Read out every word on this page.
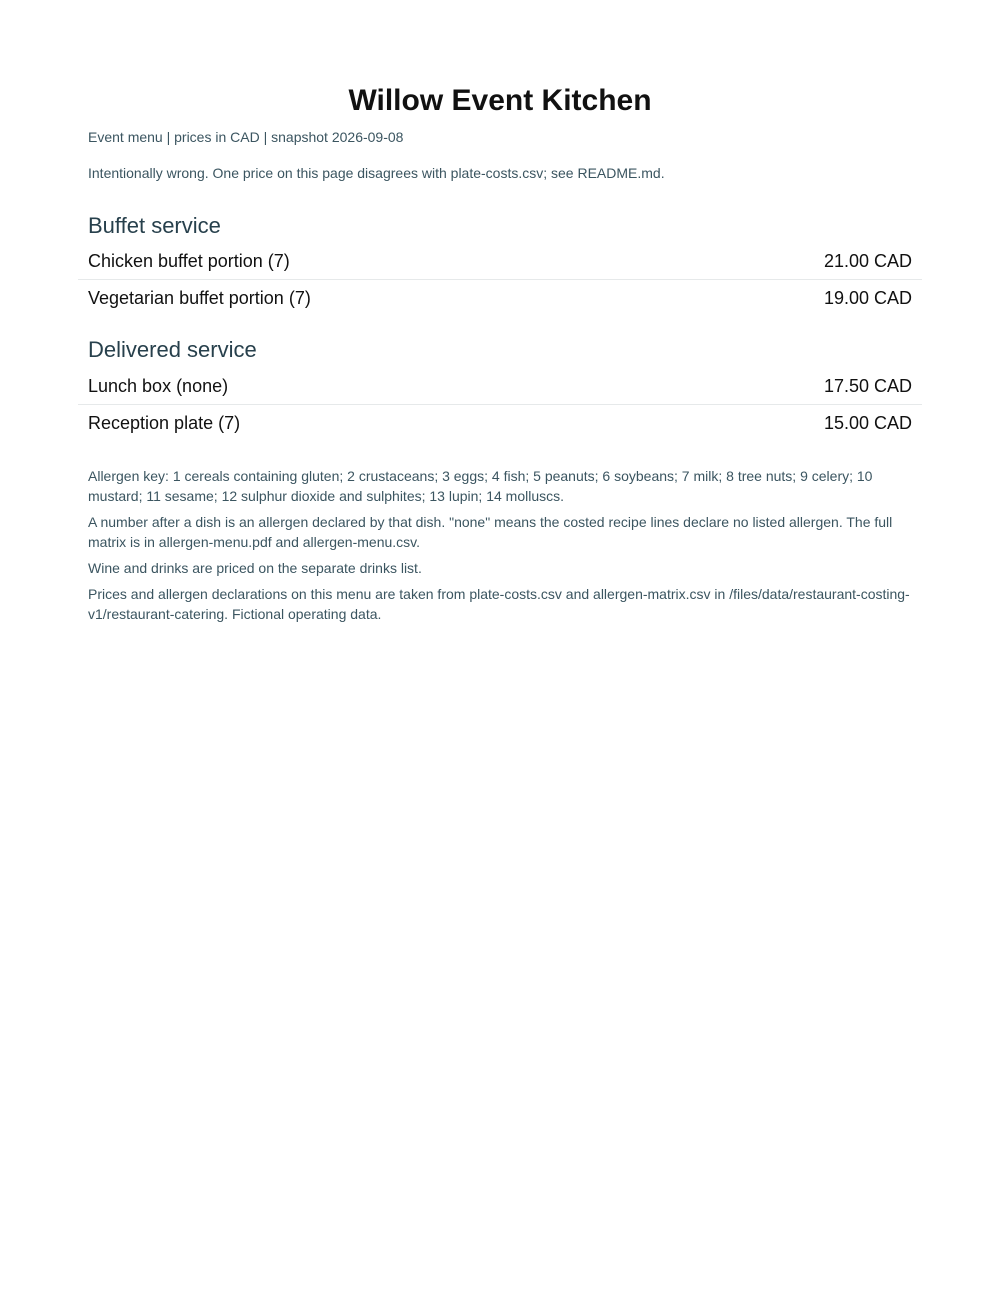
Willow Event Kitchen
Event menu | prices in CAD | snapshot 2026-09-08
Intentionally wrong. One price on this page disagrees with plate-costs.csv; see README.md.
Buffet service
Chicken buffet portion (7)	21.00 CAD
Vegetarian buffet portion (7)	19.00 CAD
Delivered service
Lunch box (none)	17.50 CAD
Reception plate (7)	15.00 CAD

Allergen key: 1 cereals containing gluten; 2 crustaceans; 3 eggs; 4 fish; 5 peanuts; 6 soybeans; 7 milk; 8 tree nuts; 9 celery; 10 mustard; 11 sesame; 12 sulphur dioxide and sulphites; 13 lupin; 14 molluscs.

A number after a dish is an allergen declared by that dish. "none" means the costed recipe lines declare no listed allergen. The full matrix is in allergen-menu.pdf and allergen-menu.csv.

Wine and drinks are priced on the separate drinks list.

Prices and allergen declarations on this menu are taken from plate-costs.csv and allergen-matrix.csv in /files/data/restaurant-costing-v1/restaurant-catering. Fictional operating data.
